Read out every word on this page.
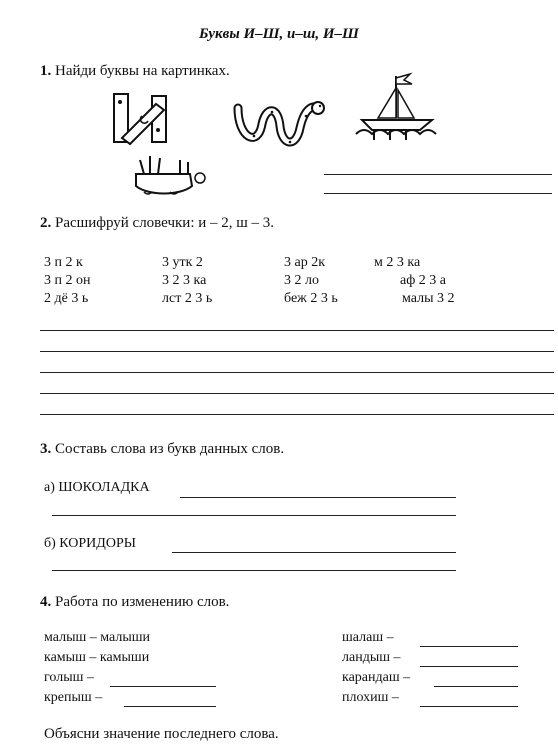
Буквы И–Ш, и–ш, И–Ш
1. Найди буквы на картинках.
2. Расшифруй словечки: и – 2, ш – 3.
3 п 2 к	3 утк 2	3 ар 2к	м 2 3 ка
3 п 2 он	3 2 3 ка	3 2 ло	аф 2 3 а
2 дё 3 ь	лст 2 3 ь	беж 2 3 ь	малы 3 2
3. Составь слова из букв данных слов.
а) ШОКОЛАДКА
б) КОРИДОРЫ
4. Работа по изменению слов.
малыш – малыши
камыш – камыши
голыш –
крепыш –
шалаш –
ландыш –
карандаш –
плохиш –
Объясни значение последнего слова.
